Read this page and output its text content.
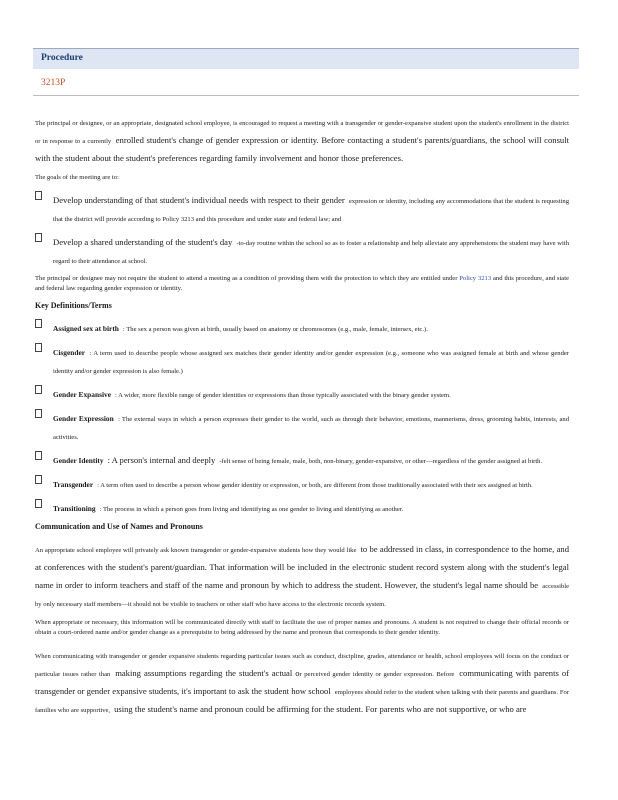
Procedure
3213P

The principal or designee, or an appropriate, designated school employee, is encouraged to request a meeting with a transgender or gender-expansive student upon the student's enrollment in the district or in response to a currently enrolled student's change of gender expression or identity. Before contacting a student's parents/guardians, the school will consult with the student about the student's preferences regarding family involvement and honor those preferences.

The goals of the meeting are to:

Develop understanding of that student's individual needs with respect to their gender expression or identity, including any accommodations that the student is requesting that the district will provide according to Policy 3213 and this procedure and under state and federal law; and
Develop a shared understanding of the student's day -to-day routine within the school so as to foster a relationship and help alleviate any apprehensions the student may have with regard to their attendance at school.

The principal or designee may not require the student to attend a meeting as a condition of providing them with the protection to which they are entitled under Policy 3213 and this procedure, and state and federal law regarding gender expression or identity.

Key Definitions/Terms
Assigned sex at birth : The sex a person was given at birth, usually based on anatomy or chromosomes (e.g., male, female, intersex, etc.).
Cisgender : A term used to describe people whose assigned sex matches their gender identity and/or gender expression (e.g., someone who was assigned female at birth and whose gender identity and/or gender expression is also female.)
Gender Expansive : A wider, more flexible range of gender identities or expressions than those typically associated with the binary gender system.
Gender Expression : The external ways in which a person expresses their gender to the world, such as through their behavior, emotions, mannerisms, dress, grooming habits, interests, and activities.
Gender Identity : A person's internal and deeply -felt sense of being female, male, both, non-binary, gender-expansive, or other—regardless of the gender assigned at birth.
Transgender : A term often used to describe a person whose gender identity or expression, or both, are different from those traditionally associated with their sex assigned at birth.
Transitioning : The process in which a person goes from living and identifying as one gender to living and identifying as another.
Communication and Use of Names and Pronouns

An appropriate school employee will privately ask known transgender or gender-expansive students how they would like to be addressed in class, in correspondence to the home, and at conferences with the student's parent/guardian. That information will be included in the electronic student record system along with the student's legal name in order to inform teachers and staff of the name and pronoun by which to address the student. However, the student's legal name should be accessible by only necessary staff members—it should not be visible to teachers or other staff who have access to the electronic records system.

When appropriate or necessary, this information will be communicated directly with staff to facilitate the use of proper names and pronouns. A student is not required to change their official records or obtain a court-ordered name and/or gender change as a prerequisite to being addressed by the name and pronoun that corresponds to their gender identity.

When communicating with transgender or gender expansive students regarding particular issues such as conduct, discipline, grades, attendance or health, school employees will focus on the conduct or particular issues rather than making assumptions regarding the student's actual or perceived gender identity or gender expression. Before communicating with parents of transgender or gender expansive students, it's important to ask the student how school employees should refer to the student when talking with their parents and guardians. For families who are supportive, using the student's name and pronoun could be affirming for the student. For parents who are not supportive, or who are
